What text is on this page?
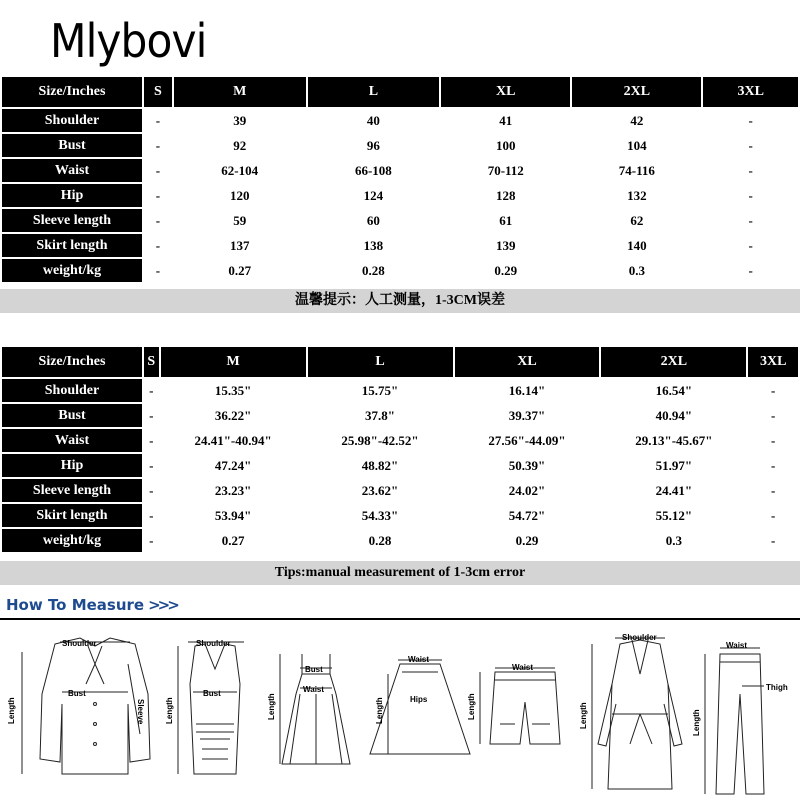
Mlybovi
Size/Inches	S	M	L	XL	2XL	3XL
Shoulder	-	39	40	41	42	-
Bust	-	92	96	100	104	-
Waist	-	62-104	66-108	70-112	74-116	-
Hip	-	120	124	128	132	-
Sleeve length	-	59	60	61	62	-
Skirt length	-	137	138	139	140	-
weight/kg	-	0.27	0.28	0.29	0.3	-
温馨提示：人工测量，1-3CM误差
Size/Inches	S	M	L	XL	2XL	3XL
Shoulder	-	15.35"	15.75"	16.14"	16.54"	-
Bust	-	36.22"	37.8"	39.37"	40.94"	-
Waist	-	24.41"-40.94"	25.98"-42.52"	27.56"-44.09"	29.13"-45.67"	-
Hip	-	47.24"	48.82"	50.39"	51.97"	-
Sleeve length	-	23.23"	23.62"	24.02"	24.41"	-
Skirt length	-	53.94"	54.33"	54.72"	55.12"	-
weight/kg	-	0.27	0.28	0.29	0.3	-
Tips:manual measurement of 1-3cm error
How To Measure >>>
Shoulder
Bust
Sleeve
Length
Shoulder
Bust
Length
Bust
Waist
Length
Waist
Hips
Length
Waist
Length
Shoulder
Length
Waist
Thigh
Length
